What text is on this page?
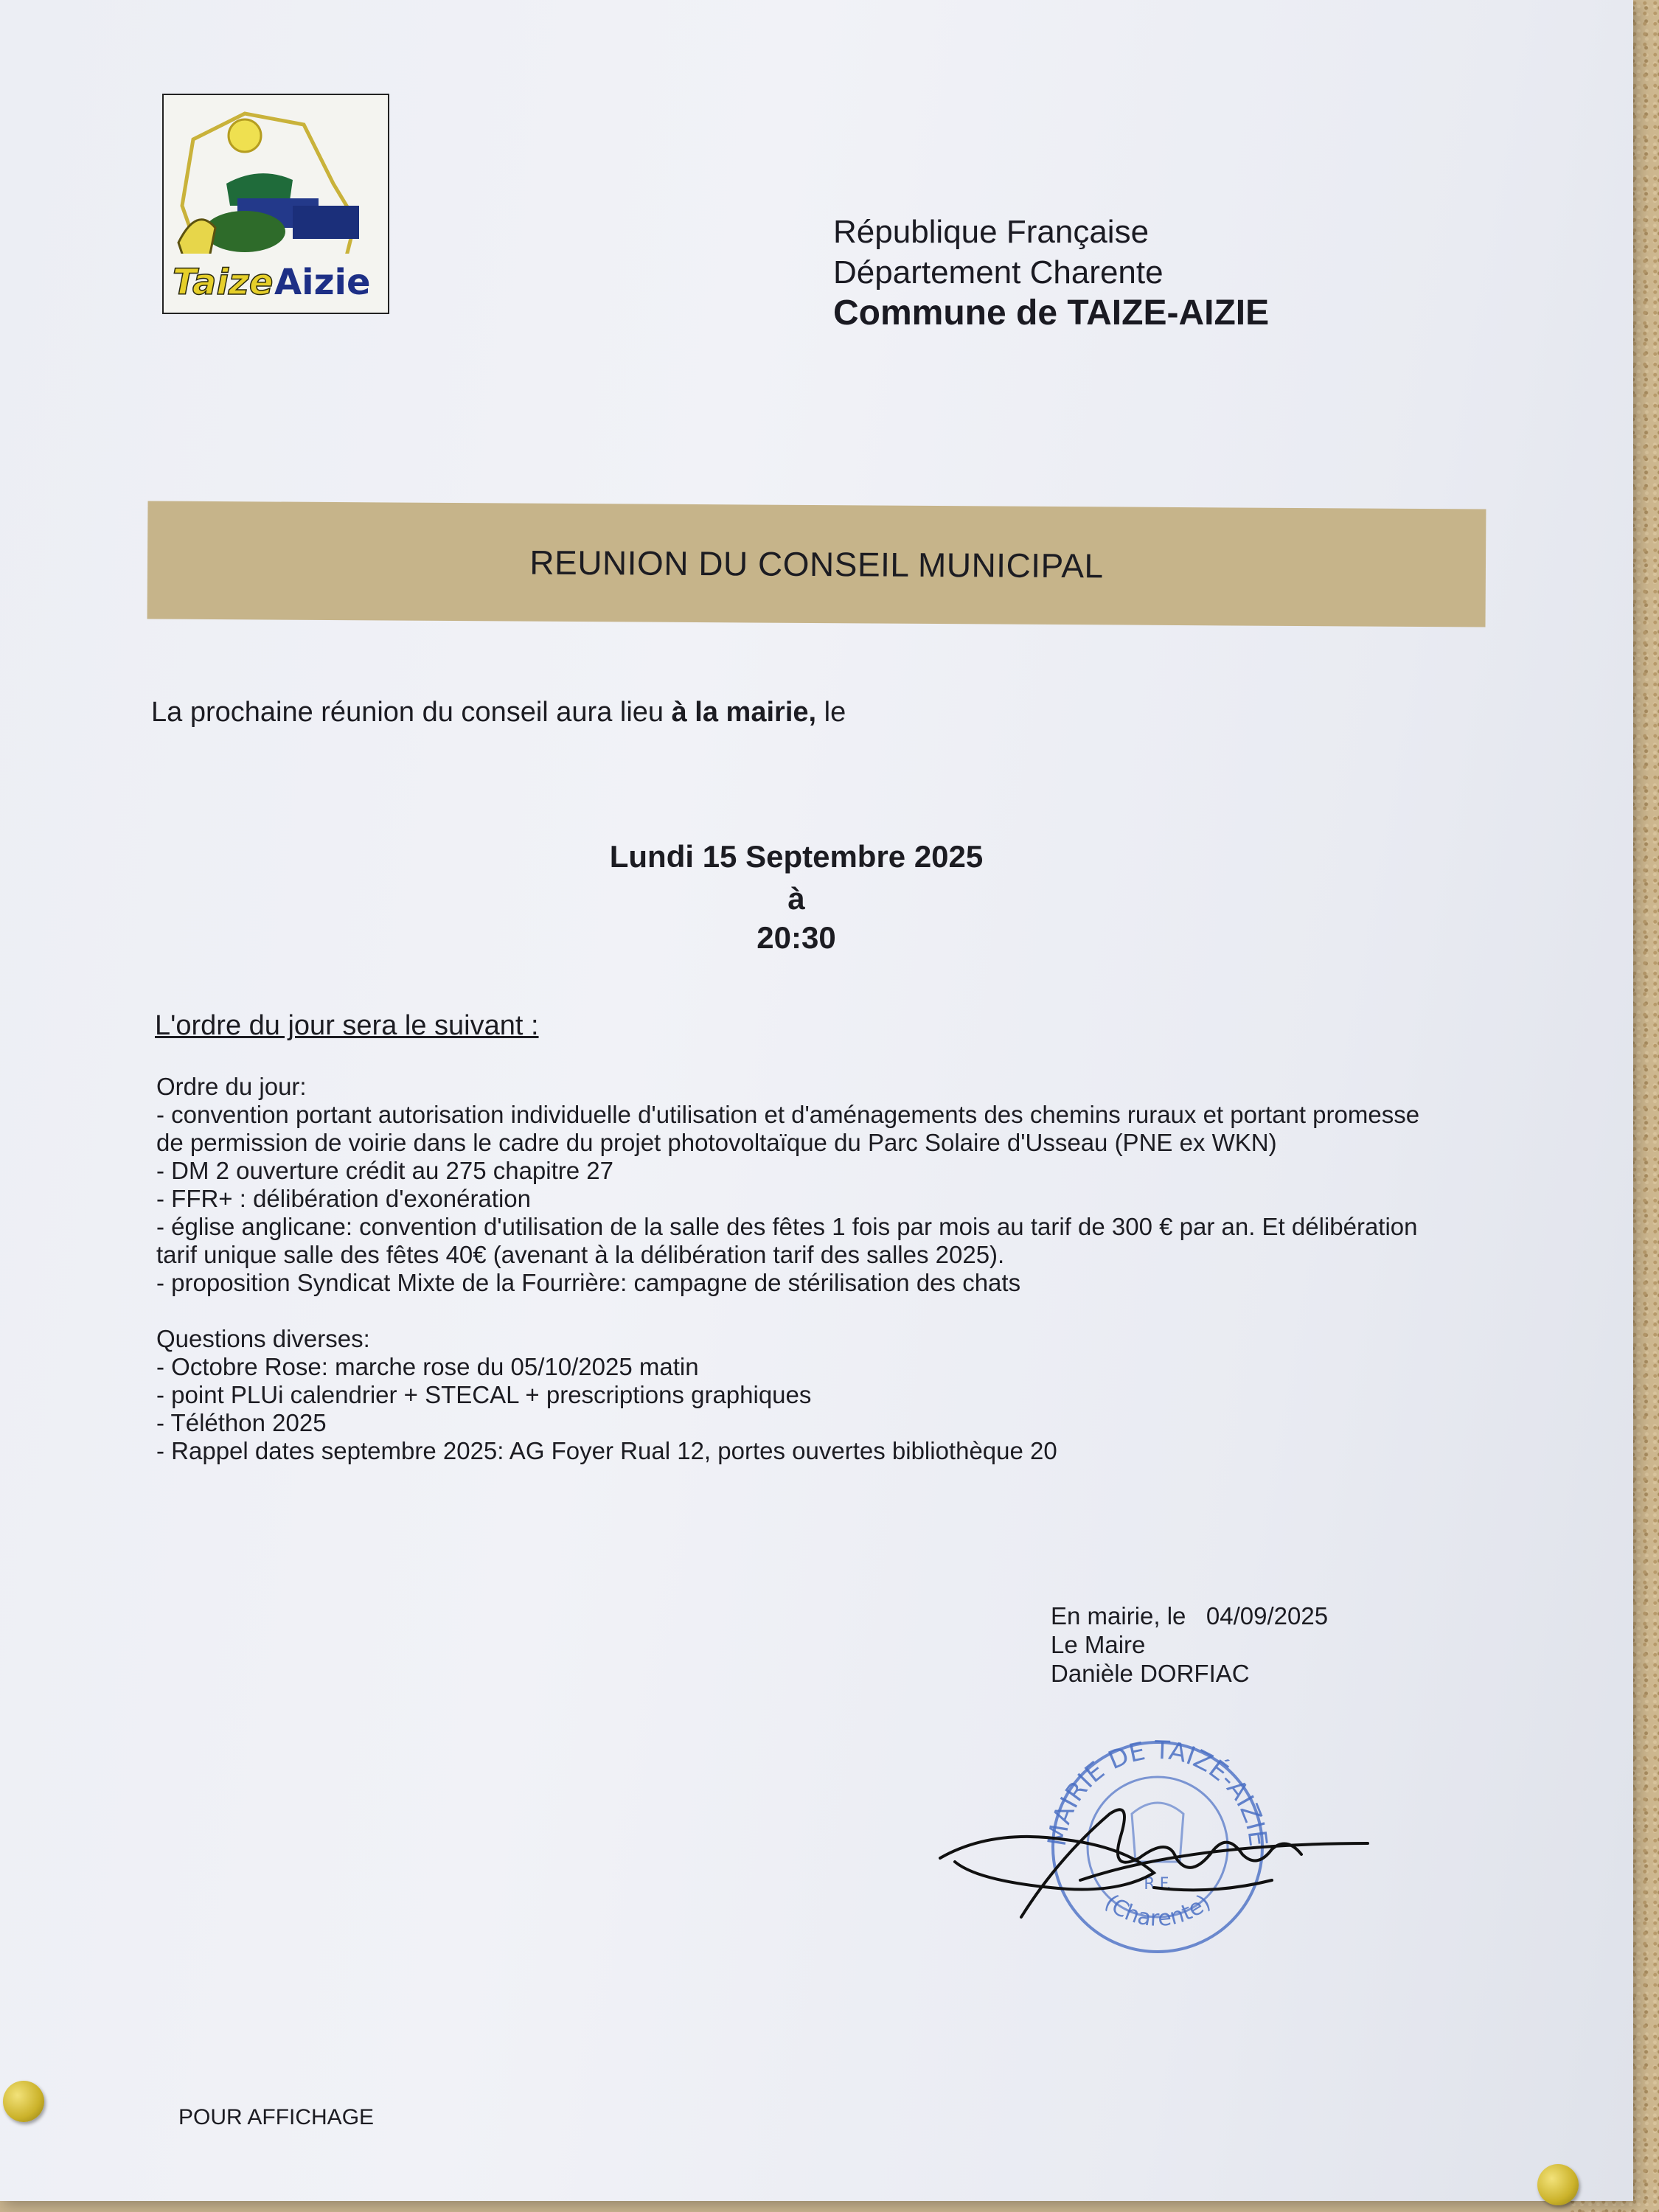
Taize Aizie
République Française
Département Charente
Commune de TAIZE-AIZIE
REUNION DU CONSEIL MUNICIPAL
La prochaine réunion du conseil aura lieu à la mairie, le
Lundi 15 Septembre 2025
à
20:30
L'ordre du jour sera le suivant :
Ordre du jour:
- convention portant autorisation individuelle d'utilisation et d'aménagements des chemins ruraux et portant promesse de permission de voirie dans le cadre du projet photovoltaïque du Parc Solaire d'Usseau (PNE ex WKN)
- DM 2 ouverture crédit au 275 chapitre 27
- FFR+ : délibération d'exonération
- église anglicane: convention d'utilisation de la salle des fêtes 1 fois par mois au tarif de 300 € par an. Et délibération tarif unique salle des fêtes 40€ (avenant à la délibération tarif des salles 2025).
- proposition Syndicat Mixte de la Fourrière: campagne de stérilisation des chats
Questions diverses:
- Octobre Rose: marche rose du 05/10/2025 matin
- point PLUi calendrier + STECAL + prescriptions graphiques
- Téléthon 2025
- Rappel dates septembre 2025: AG Foyer Rual 12, portes ouvertes bibliothèque 20
En mairie, le 04/09/2025
Le Maire
Danièle DORFIAC
MAIRIE DE TAIZÉ-AIZIE
R.F.
(Charente)
POUR AFFICHAGE
